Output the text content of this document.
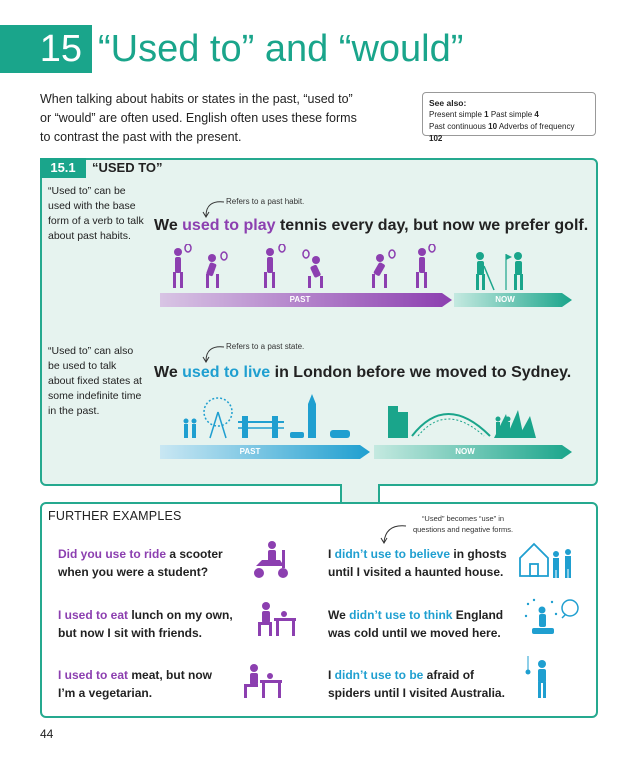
15 “Used to” and “would”
When talking about habits or states in the past, “used to” or “would” are often used. English often uses these forms to contrast the past with the present.
See also:
Present simple 1 Past simple 4
Past continuous 10 Adverbs of frequency 102
15.1	“USED TO”
“Used to” can be used with the base form of a verb to talk about past habits.
Refers to a past habit.
We used to play tennis every day, but now we prefer golf.
PAST	NOW
“Used to” can also be used to talk about fixed states at some indefinite time in the past.
Refers to a past state.
We used to live in London before we moved to Sydney.
PAST	NOW
FURTHER EXAMPLES	“Used” becomes “use” in
questions and negative forms.
Did you use to ride a scooter
when you were a student?
I used to eat lunch on my own,
but now I sit with friends.
I used to eat meat, but now
I’m a vegetarian.
I didn’t use to believe in ghosts
until I visited a haunted house.
We didn’t use to think England
was cold until we moved here.
I didn’t use to be afraid of
spiders until I visited Australia.
44
